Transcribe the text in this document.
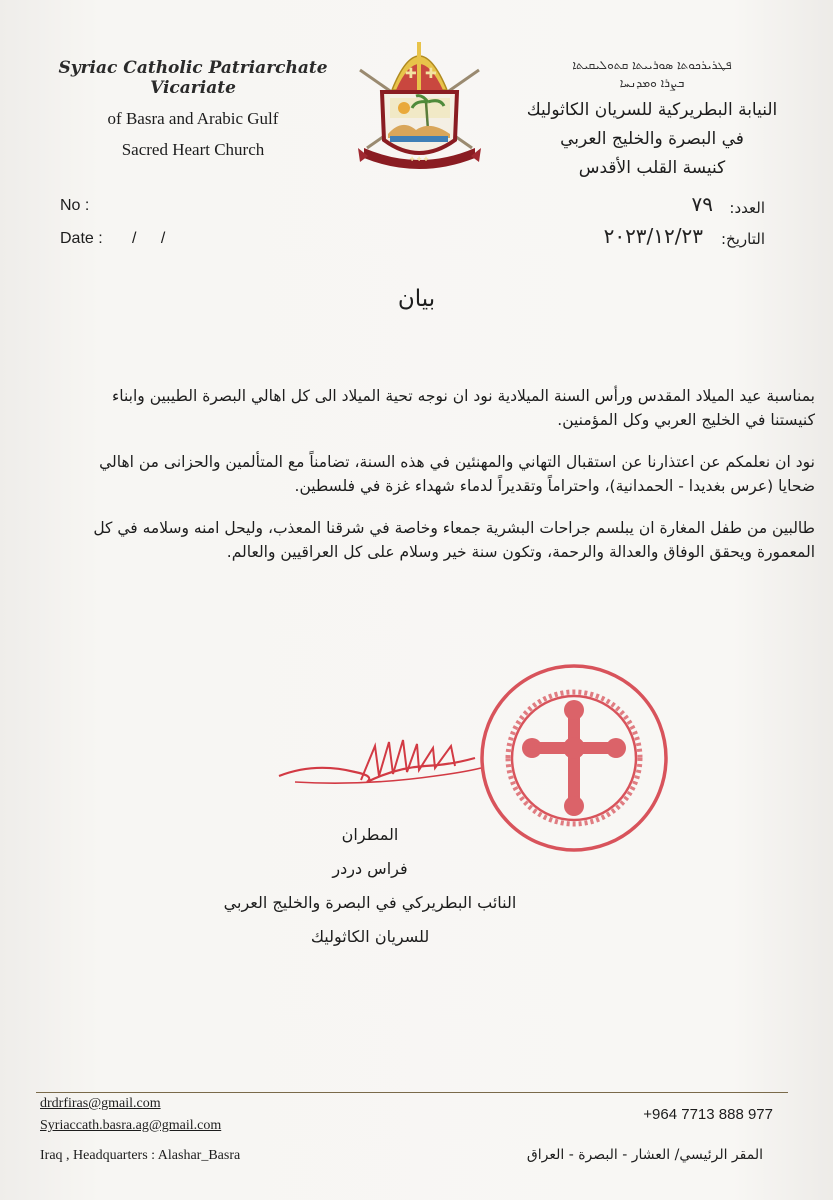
Syriac Catholic Patriarchate Vicariate
of Basra and Arabic Gulf
Sacred Heart Church
✚ ✚
✚ ✚ ✚
ܦܛܪܝܪܟܘܬܐ ܣܘܪܝܝܬܐ ܩܬܘܠܝܩܝܬܐ
ܒܨܪܐ ܘܡܕܢܚܐ
النيابة البطريركية للسريان الكاثوليك
في البصرة والخليج العربي
كنيسة القلب الأقدس
No :
Date : / /
العدد:
٧٩
التاريخ:
٢٠٢٣/١٢/٢٣
بيان

بمناسبة عيد الميلاد المقدس ورأس السنة الميلادية نود ان نوجه تحية الميلاد الى كل اهالي البصرة الطيبين وابناء كنيستنا في الخليج العربي وكل المؤمنين.

نود ان نعلمكم عن اعتذارنا عن استقبال التهاني والمهنئين في هذه السنة، تضامناً مع المتألمين والحزانى من اهالي ضحايا (عرس بغديدا - الحمدانية)، واحتراماً وتقديراً لدماء شهداء غزة في فلسطين.

طالبين من طفل المغارة ان يبلسم جراحات البشرية جمعاء وخاصة في شرقنا المعذب، وليحل امنه وسلامه في كل المعمورة ويحقق الوفاق والعدالة والرحمة، وتكون سنة خير وسلام على كل العراقيين والعالم.

المطران
فراس دردر
النائب البطريركي في البصرة والخليج العربي
للسريان الكاثوليك
drdrfiras@gmail.com
Syriaccath.basra.ag@gmail.com
Iraq , Headquarters : Alashar_Basra
+964 7713 888 977
المقر الرئيسي/ العشار - البصرة - العراق
